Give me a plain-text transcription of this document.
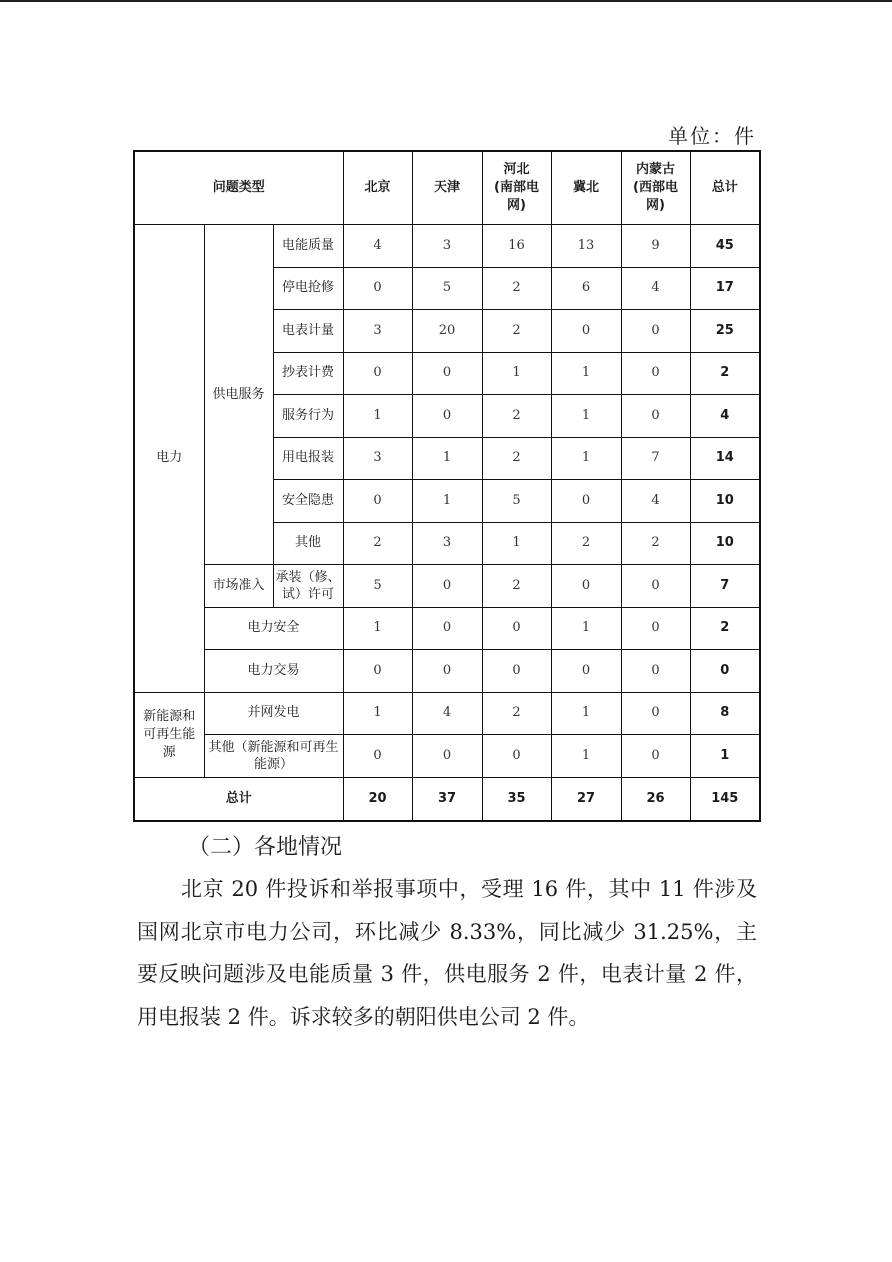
单位：件
问题类型			北京	天津	河北
(南部电
网)	冀北	内蒙古
(西部电
网)	总计
电力	供电服务	电能质量	4	3	16	13	9	45
		停电抢修	0	5	2	6	4	17
		电表计量	3	20	2	0	0	25
		抄表计费	0	0	1	1	0	2
		服务行为	1	0	2	1	0	4
		用电报装	3	1	2	1	7	14
		安全隐患	0	1	5	0	4	10
		其他	2	3	1	2	2	10
	市场准入	承装（修、
试）许可	5	0	2	0	0	7
	电力安全		1	0	0	1	0	2
	电力交易		0	0	0	0	0	0
新能源和
可再生能
源	并网发电		1	4	2	1	0	8
	其他（新能源和可再生
能源）		0	0	0	1	0	1
总计			20	37	35	27	26	145
（二）各地情况
北京 20 件投诉和举报事项中，受理 16 件，其中 11 件涉及国网北京市电力公司，环比减少 8.33%，同比减少 31.25%，主要反映问题涉及电能质量 3 件，供电服务 2 件，电表计量 2 件，用电报装 2 件。诉求较多的朝阳供电公司 2 件。
